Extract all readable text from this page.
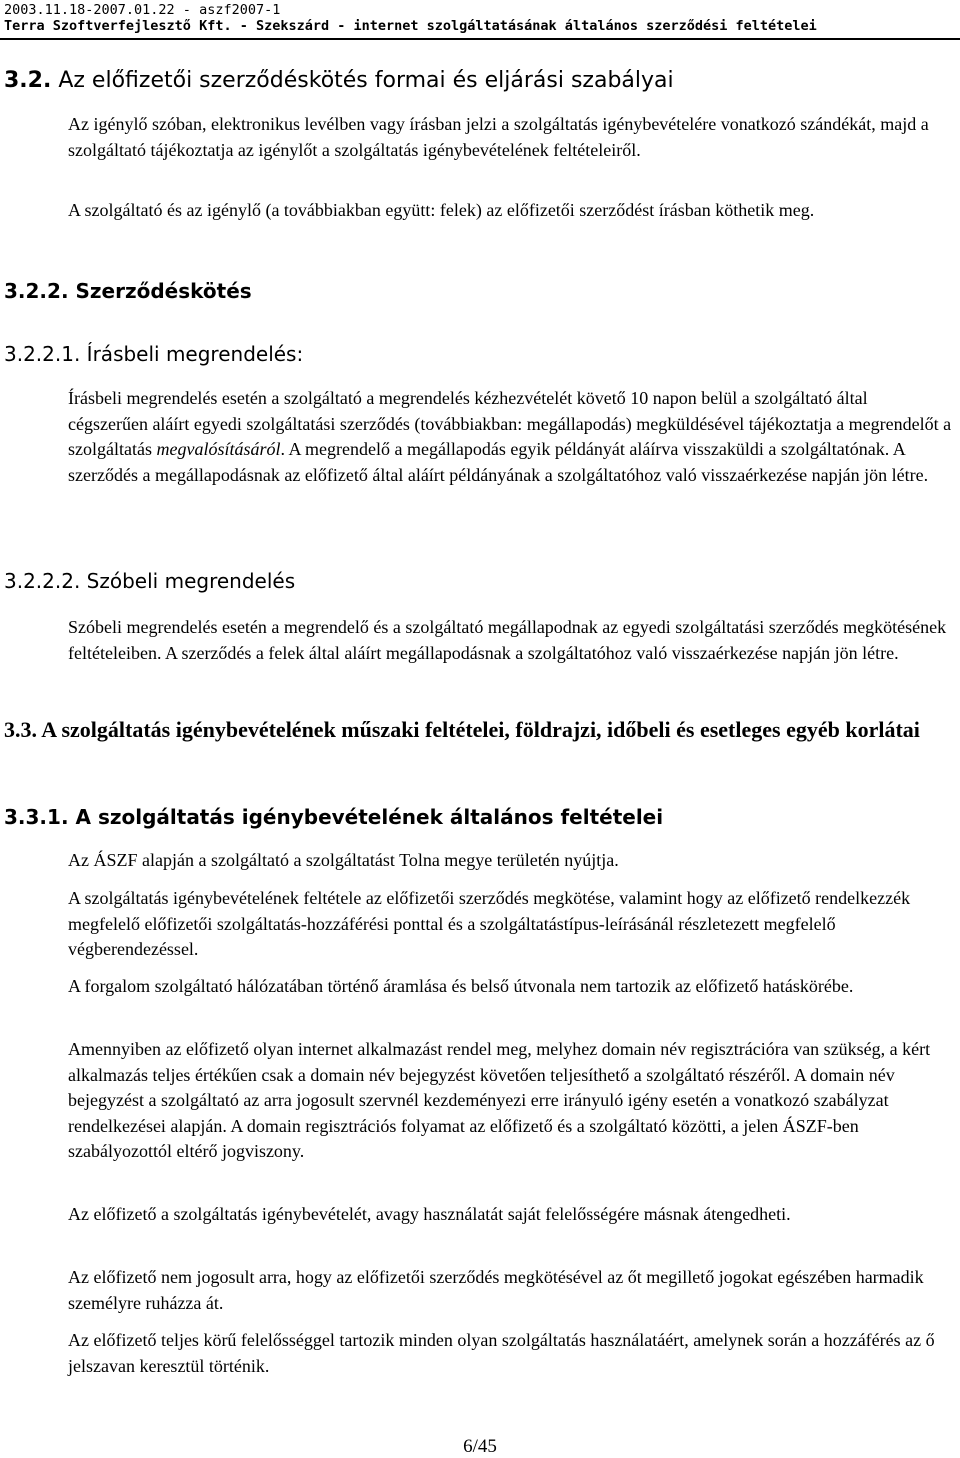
2003.11.18-2007.01.22 - aszf2007-1
Terra Szoftverfejlesztő Kft. - Szekszárd - internet szolgáltatásának általános szerződési feltételei
3.2. Az előfizetői szerződéskötés formai és eljárási szabályai

Az igénylő szóban, elektronikus levélben vagy írásban jelzi a szolgáltatás igénybevételére vonatkozó szándékát, majd a szolgáltató tájékoztatja az igénylőt a szolgáltatás igénybevételének feltételeiről.

A szolgáltató és az igénylő (a továbbiakban együtt: felek) az előfizetői szerződést írásban köthetik meg.

3.2.2. Szerződéskötés
3.2.2.1. Írásbeli megrendelés:

Írásbeli megrendelés esetén a szolgáltató a megrendelés kézhezvételét követő 10 napon belül a szolgáltató által cégszerűen aláírt egyedi szolgáltatási szerződés (továbbiakban: megállapodás) megküldésével tájékoztatja a megrendelőt a szolgáltatás megvalósításáról. A megrendelő a megállapodás egyik példányát aláírva visszaküldi a szolgáltatónak. A szerződés a megállapodásnak az előfizető által aláírt példányának a szolgáltatóhoz való visszaérkezése napján jön létre.

3.2.2.2. Szóbeli megrendelés

Szóbeli megrendelés esetén a megrendelő és a szolgáltató megállapodnak az egyedi szolgáltatási szerződés megkötésének feltételeiben. A szerződés a felek által aláírt megállapodásnak a szolgáltatóhoz való visszaérkezése napján jön létre.

3.3. A szolgáltatás igénybevételének műszaki feltételei, földrajzi, időbeli és esetleges egyéb korlátai
3.3.1. A szolgáltatás igénybevételének általános feltételei

Az ÁSZF alapján a szolgáltató a szolgáltatást Tolna megye területén nyújtja.

A szolgáltatás igénybevételének feltétele az előfizetői szerződés megkötése, valamint hogy az előfizető rendelkezzék megfelelő előfizetői szolgáltatás-hozzáférési ponttal és a szolgáltatástípus-leírásánál részletezett megfelelő végberendezéssel.

A forgalom szolgáltató hálózatában történő áramlása és belső útvonala nem tartozik az előfizető hatáskörébe.

Amennyiben az előfizető olyan internet alkalmazást rendel meg, melyhez domain név regisztrációra van szükség, a kért alkalmazás teljes értékűen csak a domain név bejegyzést követően teljesíthető a szolgáltató részéről. A domain név bejegyzést a szolgáltató az arra jogosult szervnél kezdeményezi erre irányuló igény esetén a vonatkozó szabályzat rendelkezései alapján. A domain regisztrációs folyamat az előfizető és a szolgáltató közötti, a jelen ÁSZF-ben szabályozottól eltérő jogviszony.

Az előfizető a szolgáltatás igénybevételét, avagy használatát saját felelősségére másnak átengedheti.

Az előfizető nem jogosult arra, hogy az előfizetői szerződés megkötésével az őt megillető jogokat egészében harmadik személyre ruházza át.

Az előfizető teljes körű felelősséggel tartozik minden olyan szolgáltatás használatáért, amelynek során a hozzáférés az ő jelszavan keresztül történik.

6/45
